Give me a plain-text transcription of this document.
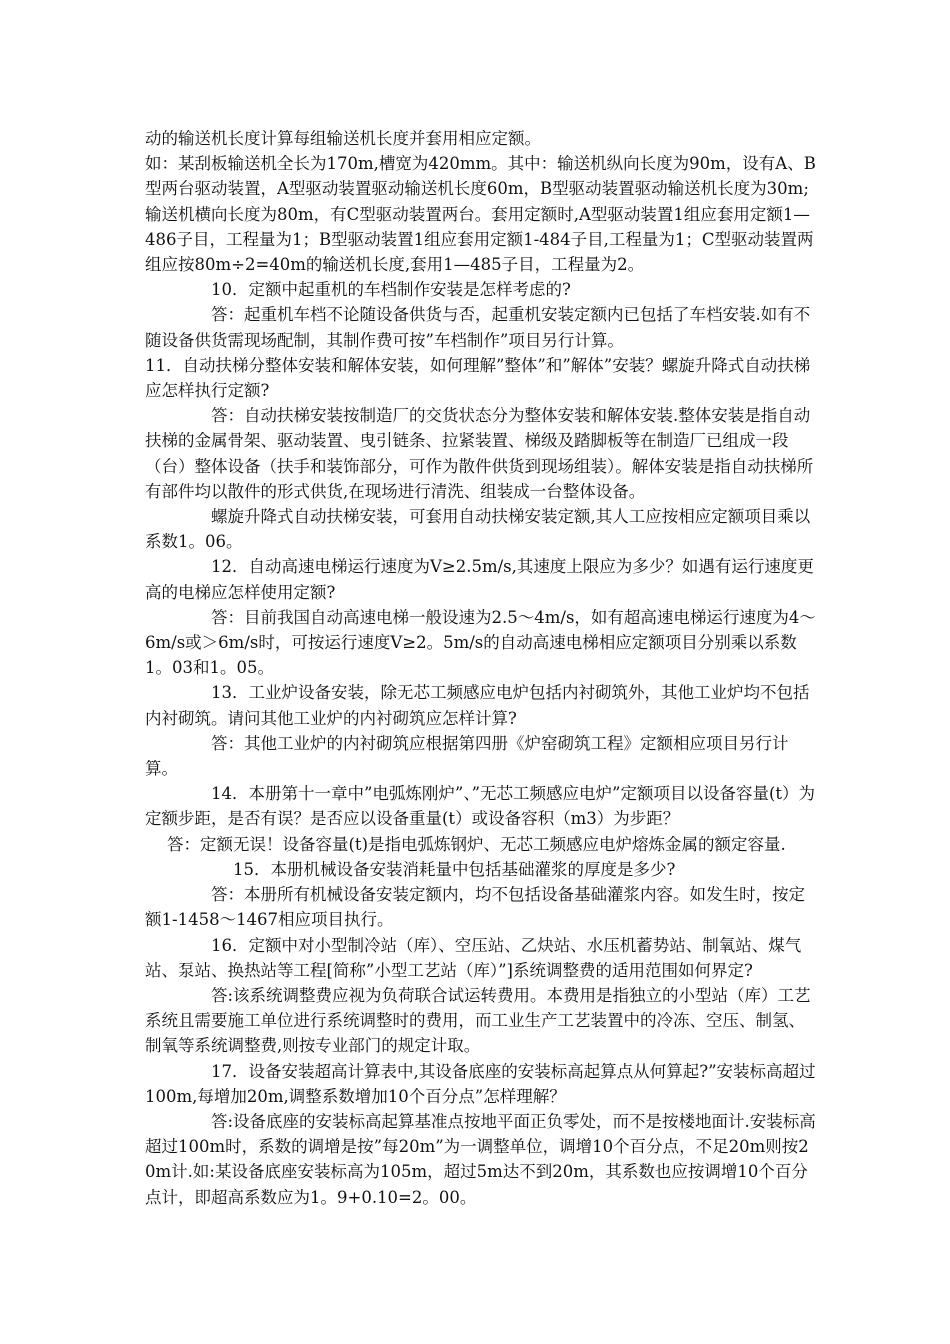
动的输送机长度计算每组输送机长度并套用相应定额。

如：某刮板输送机全长为170m,槽宽为420mm。其中：输送机纵向长度为90m，设有A、B型两台驱动装置，A型驱动装置驱动输送机长度60m，B型驱动装置驱动输送机长度为30m;输送机横向长度为80m，有C型驱动装置两台。套用定额时,A型驱动装置1组应套用定额1—486子目，工程量为1；B型驱动装置1组应套用定额1-484子目,工程量为1；C型驱动装置两组应按80m÷2=40m的输送机长度,套用1—485子目，工程量为2。

10．定额中起重机的车档制作安装是怎样考虑的?

答：起重机车档不论随设备供货与否，起重机安装定额内已包括了车档安装.如有不随设备供货需现场配制，其制作费可按”车档制作”项目另行计算。

11．自动扶梯分整体安装和解体安装，如何理解”整体”和”解体”安装？螺旋升降式自动扶梯应怎样执行定额?

答：自动扶梯安装按制造厂的交货状态分为整体安装和解体安装.整体安装是指自动扶梯的金属骨架、驱动装置、曳引链条、拉紧装置、梯级及踏脚板等在制造厂已组成一段（台）整体设备（扶手和装饰部分，可作为散件供货到现场组装）。解体安装是指自动扶梯所有部件均以散件的形式供货,在现场进行清洗、组装成一台整体设备。

螺旋升降式自动扶梯安装，可套用自动扶梯安装定额,其人工应按相应定额项目乘以系数1。06。

12．自动高速电梯运行速度为V≥2.5m/s,其速度上限应为多少？如遇有运行速度更高的电梯应怎样使用定额?

答：目前我国自动高速电梯一般设速为2.5～4m/s，如有超高速电梯运行速度为4～6m/s或＞6m/s时，可按运行速度V≥2。5m/s的自动高速电梯相应定额项目分别乘以系数1。03和1。05。

13．工业炉设备安装，除无芯工频感应电炉包括内衬砌筑外，其他工业炉均不包括内衬砌筑。请问其他工业炉的内衬砌筑应怎样计算?

答：其他工业炉的内衬砌筑应根据第四册《炉窑砌筑工程》定额相应项目另行计算。

14．本册第十一章中”电弧炼刚炉”、”无芯工频感应电炉”定额项目以设备容量(t）为定额步距，是否有误？是否应以设备重量(t）或设备容积（m3）为步距？

答：定额无误！设备容量(t)是指电弧炼钢炉、无芯工频感应电炉熔炼金属的额定容量.

15．本册机械设备安装消耗量中包括基础灌浆的厚度是多少?

答：本册所有机械设备安装定额内，均不包括设备基础灌浆内容。如发生时，按定额1-1458～1467相应项目执行。

16．定额中对小型制冷站（库）、空压站、乙炔站、水压机蓄势站、制氧站、煤气站、泵站、换热站等工程[简称”小型工艺站（库）”]系统调整费的适用范围如何界定?

答:该系统调整费应视为负荷联合试运转费用。本费用是指独立的小型站（库）工艺系统且需要施工单位进行系统调整时的费用，而工业生产工艺装置中的冷冻、空压、制氢、制氧等系统调整费,则按专业部门的规定计取。

17．设备安装超高计算表中,其设备底座的安装标高起算点从何算起?”安装标高超过100m,每增加20m,调整系数增加10个百分点”怎样理解？

答:设备底座的安装标高起算基准点按地平面正负零处，而不是按楼地面计.安装标高超过100m时，系数的调增是按”每20m”为一调整单位，调增10个百分点，不足20m则按20m计.如:某设备底座安装标高为105m，超过5m达不到20m，其系数也应按调增10个百分点计，即超高系数应为1。9+0.10=2。00。
